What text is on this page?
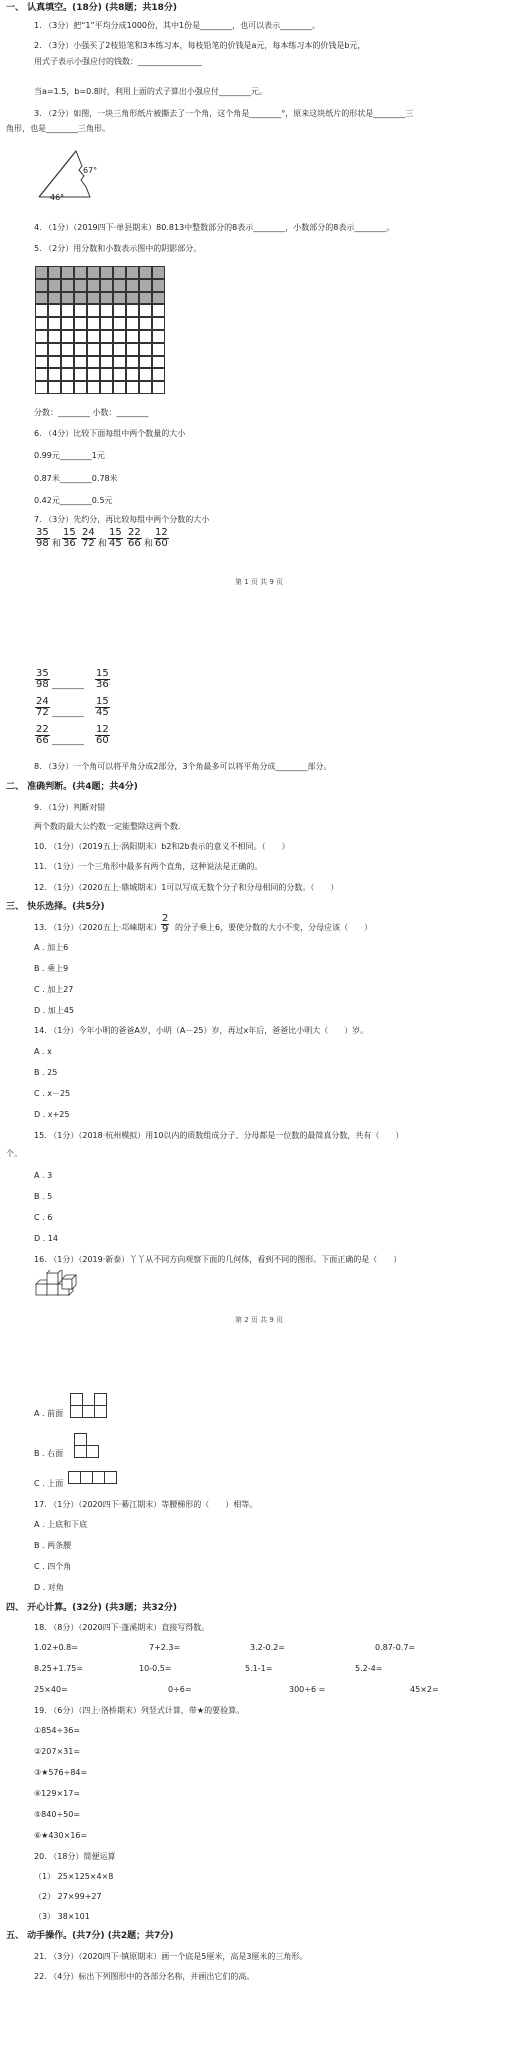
一、 认真填空。(18分) (共8题；共18分)
1. （3分）把“1”平均分成1000份，其中1份是________，也可以表示________。
2. （3分）小强买了2枝铅笔和3本练习本，每枝铅笔的价钱是a元，每本练习本的价钱是b元，
用式子表示小强应付的钱数：________________
当a=1.5，b=0.8时，利用上面的式子算出小强应付________元。
3. （2分）如图，一块三角形纸片被撕去了一个角，这个角是________°，原来这块纸片的形状是________三
角形，也是________三角形。
67°
46°
4. （1分）（2019四下·单县期末）80.813中整数部分的8表示________，小数部分的8表示________。
5. （2分）用分数和小数表示图中的阴影部分。
分数：________ 小数：________
6. （4分）比较下面每组中两个数量的大小
0.99元________1元
0.87米________0.78米
0.42元________0.5元
7. （3分）先约分，再比较每组中两个分数的大小
$\frac{35}{98}$ 和 $\frac{15}{36} \frac{24}{72}$ 和 $\frac{15}{45} \frac{22}{66}$ 和 $\frac{12}{60}$
第 1 页 共 9 页
$\frac{35}{98}$ ________ $\frac{15}{36}$
$\frac{24}{72}$ ________ $\frac{15}{45}$
$\frac{22}{66}$ ________ $\frac{12}{60}$
8. （3分）一个角可以将平角分成2部分，3个角最多可以将平角分成________部分。
二、 准确判断。(共4题；共4分)
9. （1分）判断对错
两个数的最大公约数一定能整除这两个数.
10. （1分）（2019五上·涡阳期末）b2和2b表示的意义不相同。（　　）
11. （1分）一个三角形中最多有两个直角，这种说法是正确的。
12. （1分）（2020五上·鼎城期末）1可以写成无数个分子和分母相同的分数。（　　）
三、 快乐选择。(共5分)
13. （1分）（2020五上·邛崃期末） $\frac{2}{9}$ 的分子乘上6，要使分数的大小不变，分母应该（　　）
A . 加上6
B . 乘上9
C . 加上27
D . 加上45
14. （1分）今年小明的爸爸A岁，小明（A－25）岁，再过x年后，爸爸比小明大（　　）岁。
A . x
B . 25
C . x－25
D . x+25
15. （1分）（2018·杭州模拟）用10以内的质数组成分子、分母都是一位数的最简真分数，共有（　　）
个。
A . 3
B . 5
C . 6
D . 14
16. （1分）（2019·新泰）丫丫从不同方向观察下面的几何体，看到不同的图形。下面正确的是（　　）
第 2 页 共 9 页
A . 前面
B . 右面
C . 上面
17. （1分）（2020四下·綦江期末）等腰梯形的（　　）相等。
A . 上底和下底
B . 两条腰
C . 四个角
D . 对角
四、 开心计算。(32分) (共3题；共32分)
18. （8分）（2020四下·蓬溪期末）直接写得数。
1.02+0.8=	7+2.3=	3.2-0.2=	0.87-0.7=
8.25+1.75=	10-0.5=	5.1-1=	5.2-4=
25×40=	0÷6=	300÷6 =	45×2=
19. （6分）（四上·洛桥期末）列竖式计算，带★的要验算。
①854÷36=
②207×31=
③★576÷84=
④129×17=
⑤840÷50=
⑥★430×16=
20. （18分）简便运算
（1） 25×125×4×8
（2） 27×99+27
（3） 38×101
五、 动手操作。(共7分) (共2题；共7分)
21. （3分）（2020四下·镇原期末）画一个底是5厘米，高是3厘米的三角形。
22. （4分）标出下列图形中的各部分名称，并画出它们的高。
